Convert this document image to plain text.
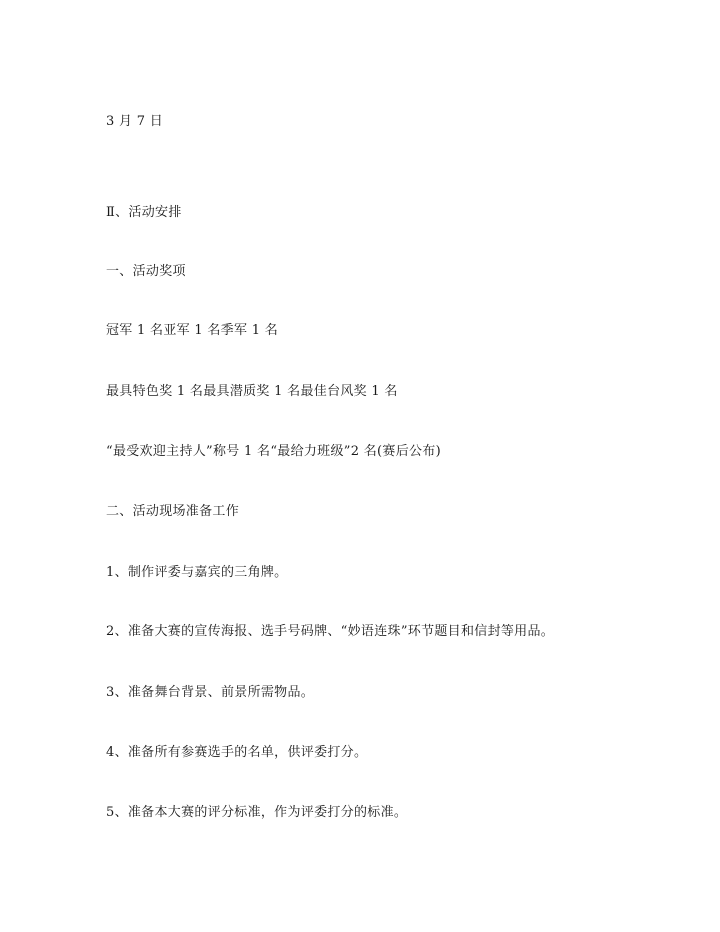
3 月 7 日
Ⅱ、活动安排
一、活动奖项
冠军 1 名亚军 1 名季军 1 名
最具特色奖 1 名最具潜质奖 1 名最佳台风奖 1 名
“最受欢迎主持人”称号 1 名“最给力班级”2 名(赛后公布)
二、活动现场准备工作
1、制作评委与嘉宾的三角牌。
2、准备大赛的宣传海报、选手号码牌、“妙语连珠”环节题目和信封等用品。
3、准备舞台背景、前景所需物品。
4、准备所有参赛选手的名单，供评委打分。
5、准备本大赛的评分标准，作为评委打分的标准。
